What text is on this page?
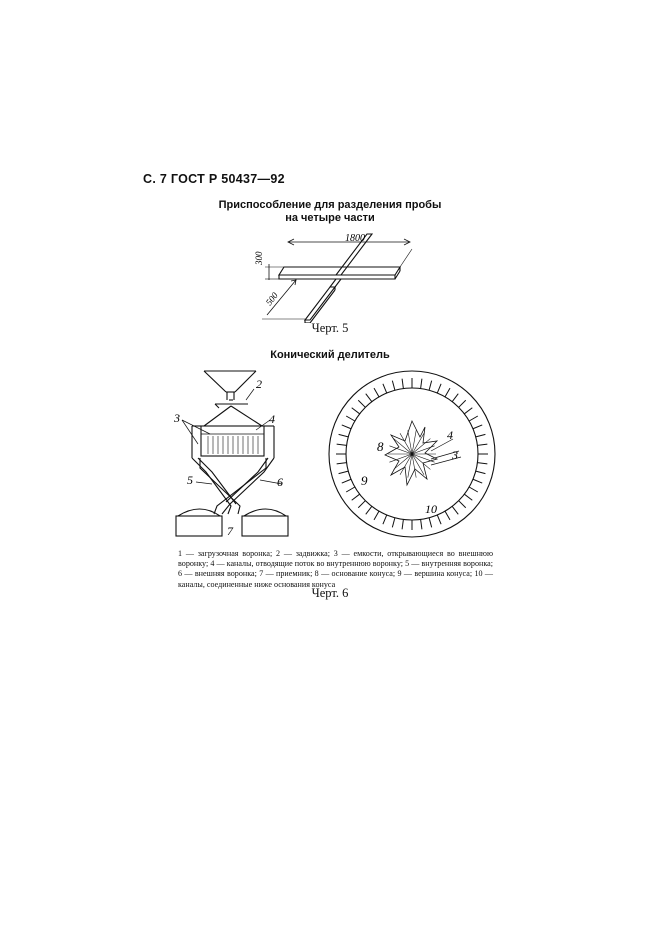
С. 7 ГОСТ Р 50437—92
Приспособление для разделения пробы
на четыре части
1800
300
500
Черт. 5
Конический делитель
2
3	4
5	6
7
8
4
3
9
10
1 — загрузочная воронка; 2 — задвижка; 3 — емкости, открывающиеся во внешнюю воронку; 4 — каналы, отводящие поток во внутреннюю воронку; 5 — внутренняя воронка; 6 — внешняя воронка; 7 — приемник; 8 — основание конуса; 9 — вершина конуса; 10 — каналы, соединенные ниже основания конуса
Черт. 6
